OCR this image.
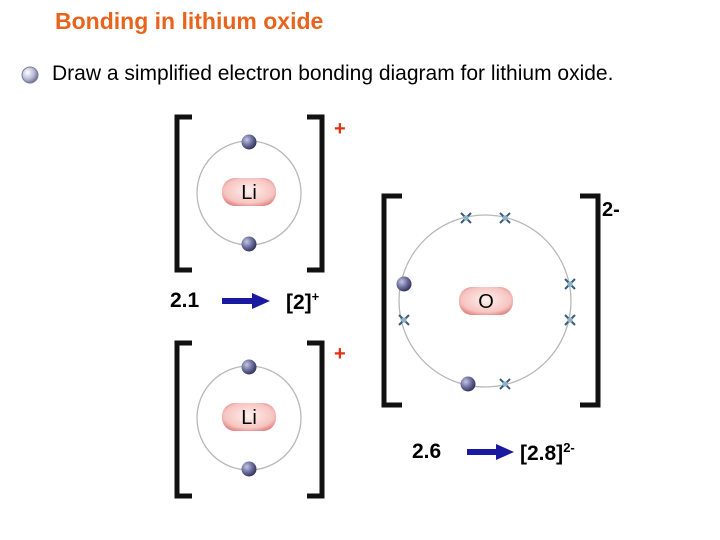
Bonding in lithium oxide
Li
+
Li
+
O
2-
Draw a simplified electron bonding diagram for lithium oxide.
2.1	[2]+
2.6	$[2.8]^{2-}$
